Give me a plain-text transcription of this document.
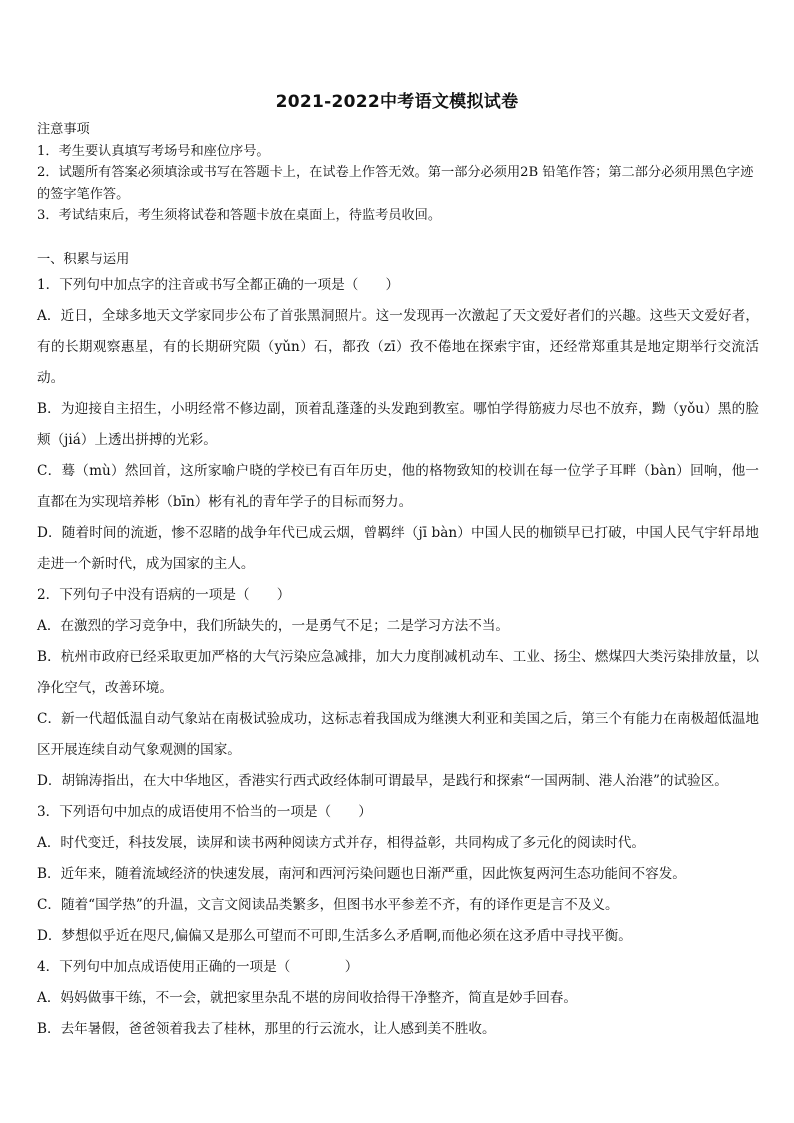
2021-2022中考语文模拟试卷
注意事项
1．考生要认真填写考场号和座位序号。
2．试题所有答案必须填涂或书写在答题卡上，在试卷上作答无效。第一部分必须用2B 铅笔作答；第二部分必须用黑色字迹的签字笔作答。
3．考试结束后，考生须将试卷和答题卡放在桌面上，待监考员收回。
一、积累与运用

1．下列句中加点字的注音或书写全都正确的一项是（　　）

A．近日，全球多地天文学家同步公布了首张黑洞照片。这一发现再一次激起了天文爱好者们的兴趣。这些天文爱好者，有的长期观察惠星，有的长期研究陨（yǔn）石，都孜（zī）孜不倦地在探索宇宙，还经常郑重其是地定期举行交流活动。

B．为迎接自主招生，小明经常不修边副，顶着乱蓬蓬的头发跑到教室。哪怕学得筋疲力尽也不放弃，黝（yǒu）黑的脸颊（jiá）上透出拼搏的光彩。

C．蓦（mù）然回首，这所家喻户晓的学校已有百年历史，他的格物致知的校训在每一位学子耳畔（bàn）回响，他一直都在为实现培养彬（bīn）彬有礼的青年学子的目标而努力。

D．随着时间的流逝，惨不忍睹的战争年代已成云烟，曾羁绊（jī bàn）中国人民的枷锁早已打破，中国人民气宇轩昂地走进一个新时代，成为国家的主人。

2．下列句子中没有语病的一项是（　　）

A．在激烈的学习竞争中，我们所缺失的，一是勇气不足；二是学习方法不当。

B．杭州市政府已经采取更加严格的大气污染应急减排，加大力度削减机动车、工业、扬尘、燃煤四大类污染排放量，以净化空气，改善环境。

C．新一代超低温自动气象站在南极试验成功，这标志着我国成为继澳大利亚和美国之后，第三个有能力在南极超低温地区开展连续自动气象观测的国家。

D．胡锦涛指出，在大中华地区，香港实行西式政经体制可谓最早，是践行和探索“一国两制、港人治港”的试验区。

3．下列语句中加点的成语使用不恰当的一项是（　　）

A．时代变迁，科技发展，读屏和读书两种阅读方式并存，相得益彰，共同构成了多元化的阅读时代。

B．近年来，随着流域经济的快速发展，南河和西河污染问题也日渐严重，因此恢复两河生态功能间不容发。

C．随着“国学热”的升温，文言文阅读品类繁多，但图书水平参差不齐，有的译作更是言不及义。

D．梦想似乎近在咫尺,偏偏又是那么可望而不可即,生活多么矛盾啊,而他必须在这矛盾中寻找平衡。

4．下列句中加点成语使用正确的一项是（　　　　）

A．妈妈做事干练，不一会，就把家里杂乱不堪的房间收拾得干净整齐，简直是妙手回春。

B．去年暑假，爸爸领着我去了桂林，那里的行云流水，让人感到美不胜收。
